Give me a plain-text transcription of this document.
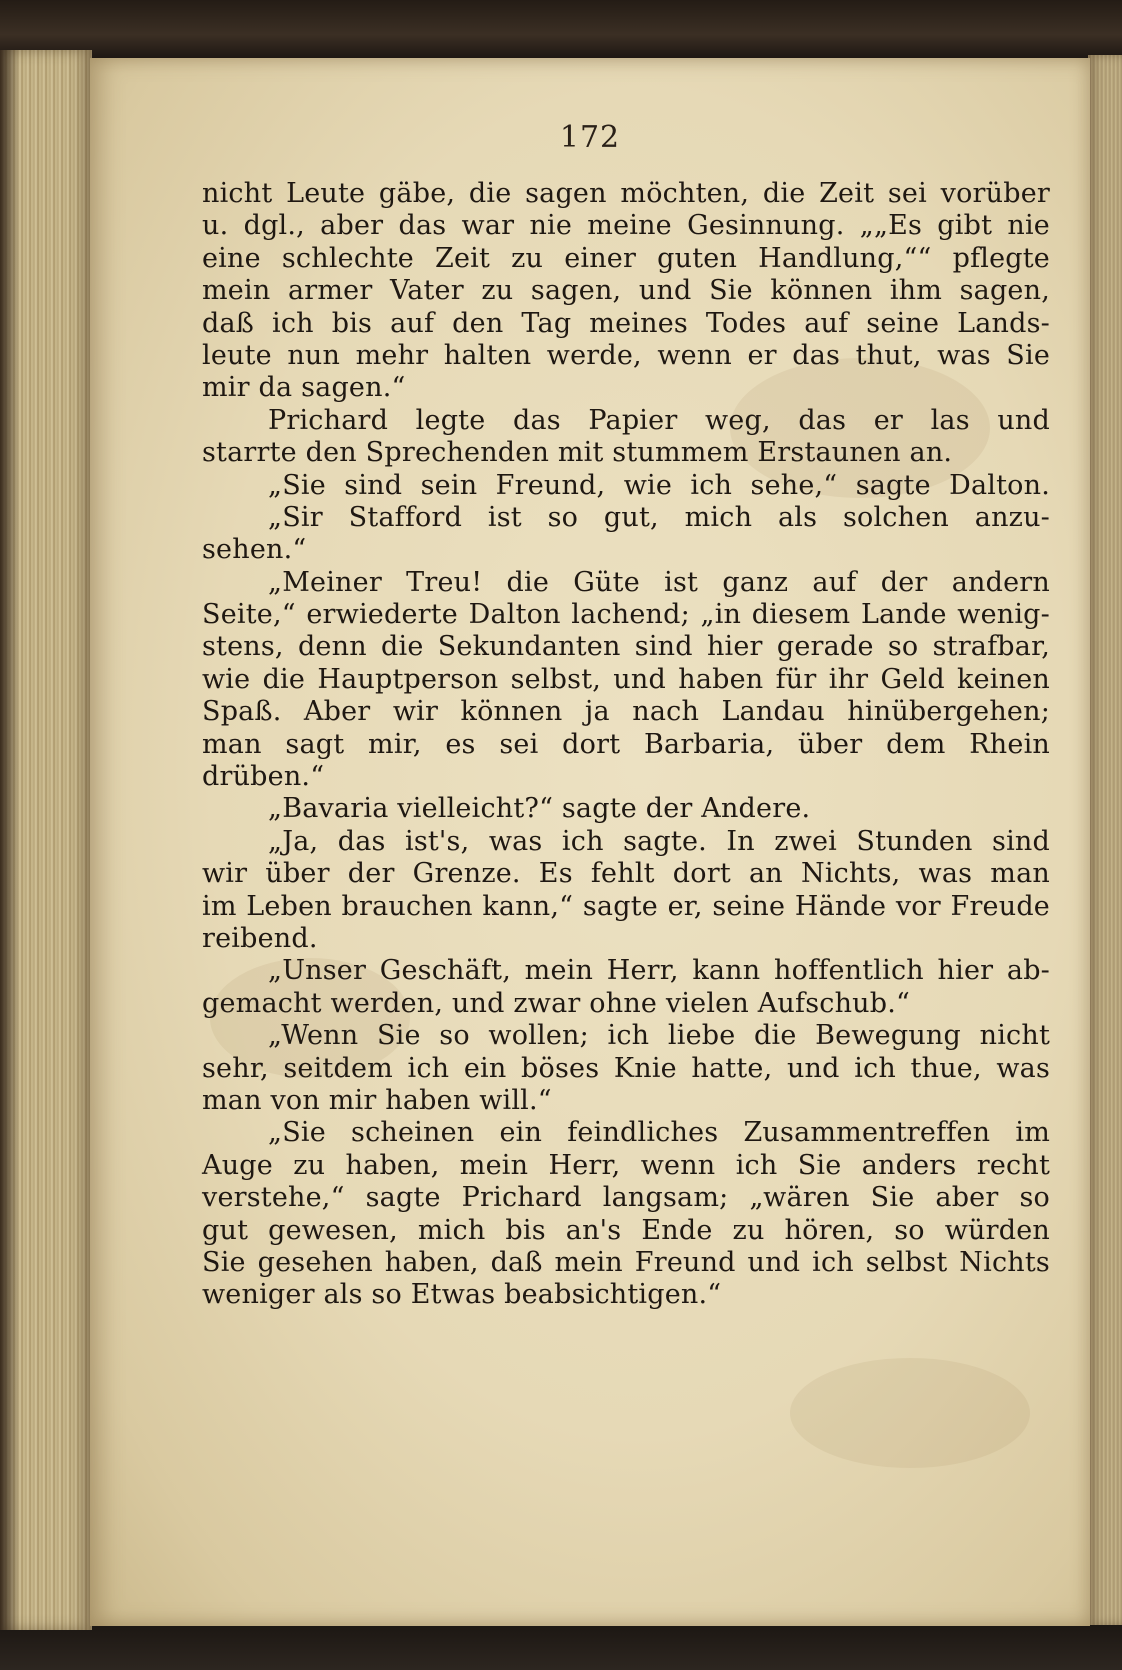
172
nicht Leute gäbe, die sagen möchten, die Zeit sei vorüber
u. dgl., aber das war nie meine Gesinnung. „„Es gibt nie
eine schlechte Zeit zu einer guten Handlung,““ pflegte
mein armer Vater zu sagen, und Sie können ihm sagen,
daß ich bis auf den Tag meines Todes auf seine Lands-
leute nun mehr halten werde, wenn er das thut, was Sie
mir da sagen.“
Prichard legte das Papier weg, das er las und
starrte den Sprechenden mit stummem Erstaunen an.
„Sie sind sein Freund, wie ich sehe,“ sagte Dalton.
„Sir Stafford ist so gut, mich als solchen anzu-
sehen.“
„Meiner Treu! die Güte ist ganz auf der andern
Seite,“ erwiederte Dalton lachend; „in diesem Lande wenig-
stens, denn die Sekundanten sind hier gerade so strafbar,
wie die Hauptperson selbst, und haben für ihr Geld keinen
Spaß. Aber wir können ja nach Landau hinübergehen;
man sagt mir, es sei dort Barbaria, über dem Rhein
drüben.“
„Bavaria vielleicht?“ sagte der Andere.
„Ja, das ist's, was ich sagte. In zwei Stunden sind
wir über der Grenze. Es fehlt dort an Nichts, was man
im Leben brauchen kann,“ sagte er, seine Hände vor Freude
reibend.
„Unser Geschäft, mein Herr, kann hoffentlich hier ab-
gemacht werden, und zwar ohne vielen Aufschub.“
„Wenn Sie so wollen; ich liebe die Bewegung nicht
sehr, seitdem ich ein böses Knie hatte, und ich thue, was
man von mir haben will.“
„Sie scheinen ein feindliches Zusammentreffen im
Auge zu haben, mein Herr, wenn ich Sie anders recht
verstehe,“ sagte Prichard langsam; „wären Sie aber so
gut gewesen, mich bis an's Ende zu hören, so würden
Sie gesehen haben, daß mein Freund und ich selbst Nichts
weniger als so Etwas beabsichtigen.“
